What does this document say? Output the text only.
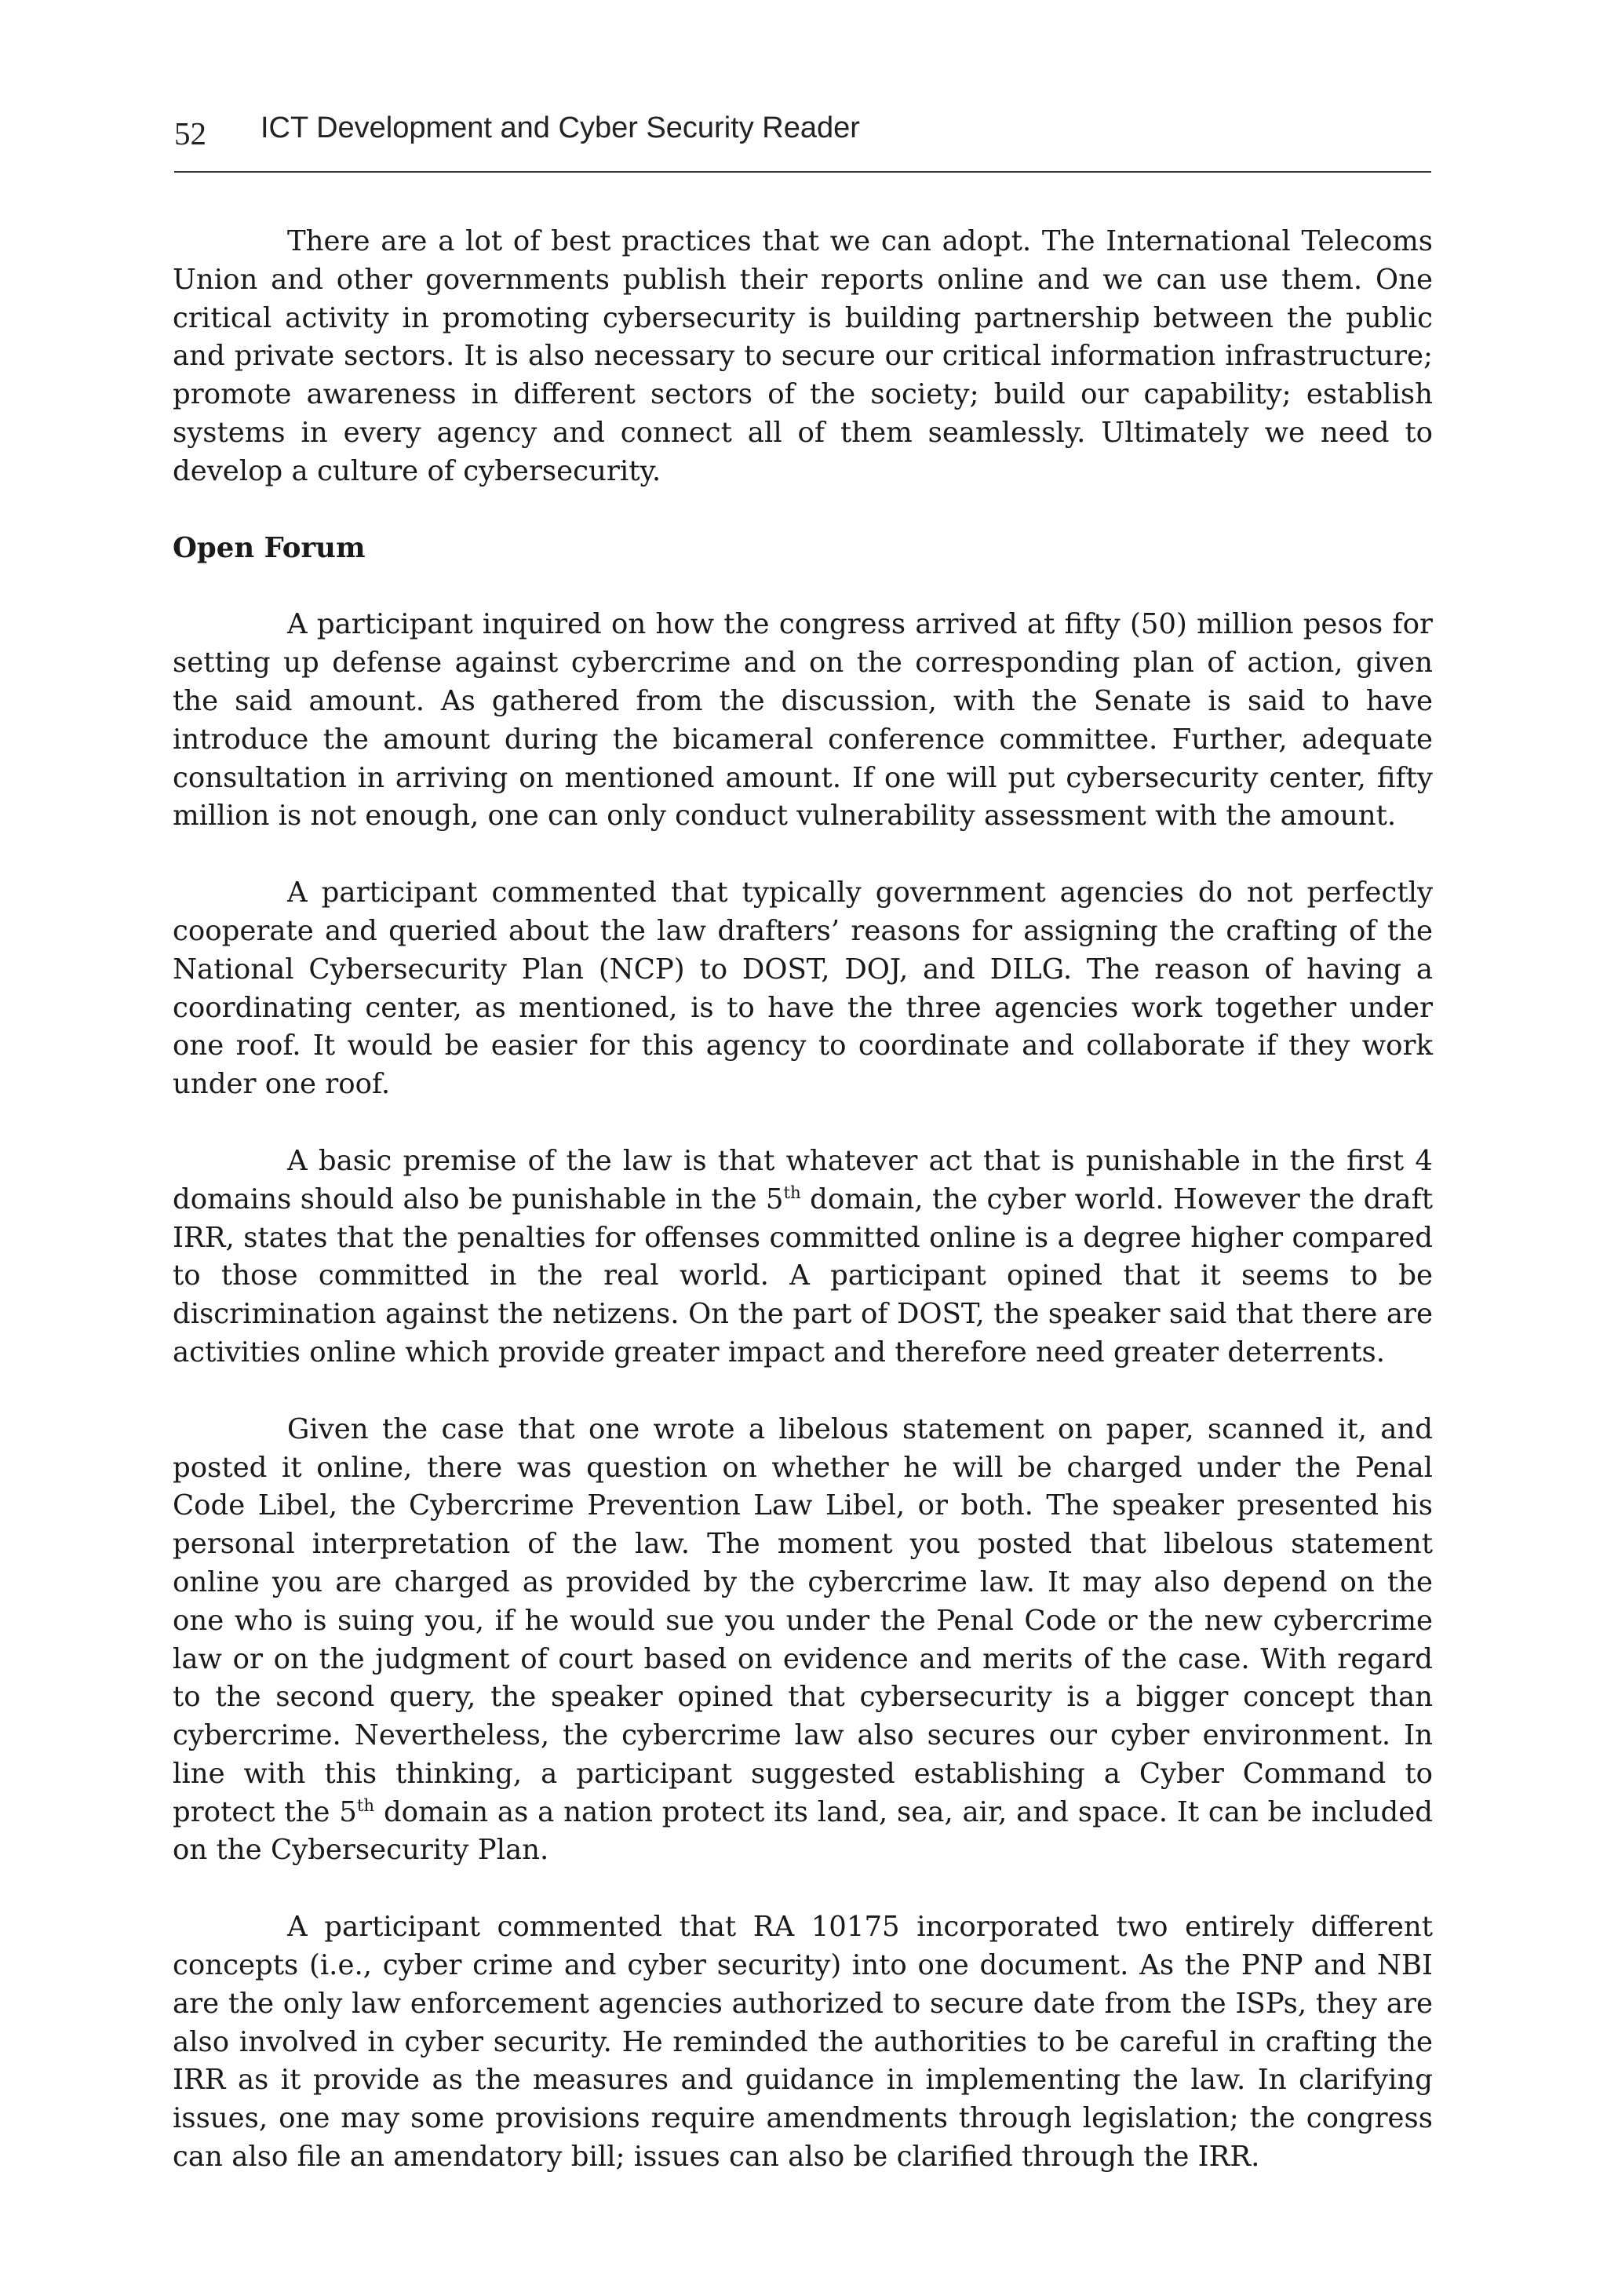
52 ICT Development and Cyber Security Reader

There are a lot of best practices that we can adopt. The International Telecoms Union and other governments publish their reports online and we can use them. One critical activity in promoting cybersecurity is building partnership between the public and private sectors. It is also necessary to secure our critical information infrastructure; promote awareness in different sectors of the society; build our capability; establish systems in every agency and connect all of them seamlessly. Ultimately we need to develop a culture of cybersecurity.

Open Forum

A participant inquired on how the congress arrived at fifty (50) million pesos for setting up defense against cybercrime and on the corresponding plan of action, given the said amount. As gathered from the discussion, with the Senate is said to have introduce the amount during the bicameral conference committee. Further, adequate consultation in arriving on mentioned amount. If one will put cybersecurity center, fifty million is not enough, one can only conduct vulnerability assessment with the amount.

A participant commented that typically government agencies do not perfectly cooperate and queried about the law drafters’ reasons for assigning the crafting of the National Cybersecurity Plan (NCP) to DOST, DOJ, and DILG. The reason of having a coordinating center, as mentioned, is to have the three agencies work together under one roof. It would be easier for this agency to coordinate and collaborate if they work under one roof.

A basic premise of the law is that whatever act that is punishable in the first 4 domains should also be punishable in the 5th domain, the cyber world. However the draft IRR, states that the penalties for offenses committed online is a degree higher compared to those committed in the real world. A participant opined that it seems to be discrimination against the netizens. On the part of DOST, the speaker said that there are activities online which provide greater impact and therefore need greater deterrents.

Given the case that one wrote a libelous statement on paper, scanned it, and posted it online, there was question on whether he will be charged under the Penal Code Libel, the Cybercrime Prevention Law Libel, or both. The speaker presented his personal interpretation of the law. The moment you posted that libelous statement online you are charged as provided by the cybercrime law. It may also depend on the one who is suing you, if he would sue you under the Penal Code or the new cybercrime law or on the judgment of court based on evidence and merits of the case. With regard to the second query, the speaker opined that cybersecurity is a bigger concept than cybercrime. Nevertheless, the cybercrime law also secures our cyber environment. In line with this thinking, a participant suggested establishing a Cyber Command to protect the 5th domain as a nation protect its land, sea, air, and space. It can be included on the Cybersecurity Plan.

A participant commented that RA 10175 incorporated two entirely different concepts (i.e., cyber crime and cyber security) into one document. As the PNP and NBI are the only law enforcement agencies authorized to secure date from the ISPs, they are also involved in cyber security. He reminded the authorities to be careful in crafting the IRR as it provide as the measures and guidance in implementing the law. In clarifying issues, one may some provisions require amendments through legislation; the congress can also file an amendatory bill; issues can also be clarified through the IRR.
